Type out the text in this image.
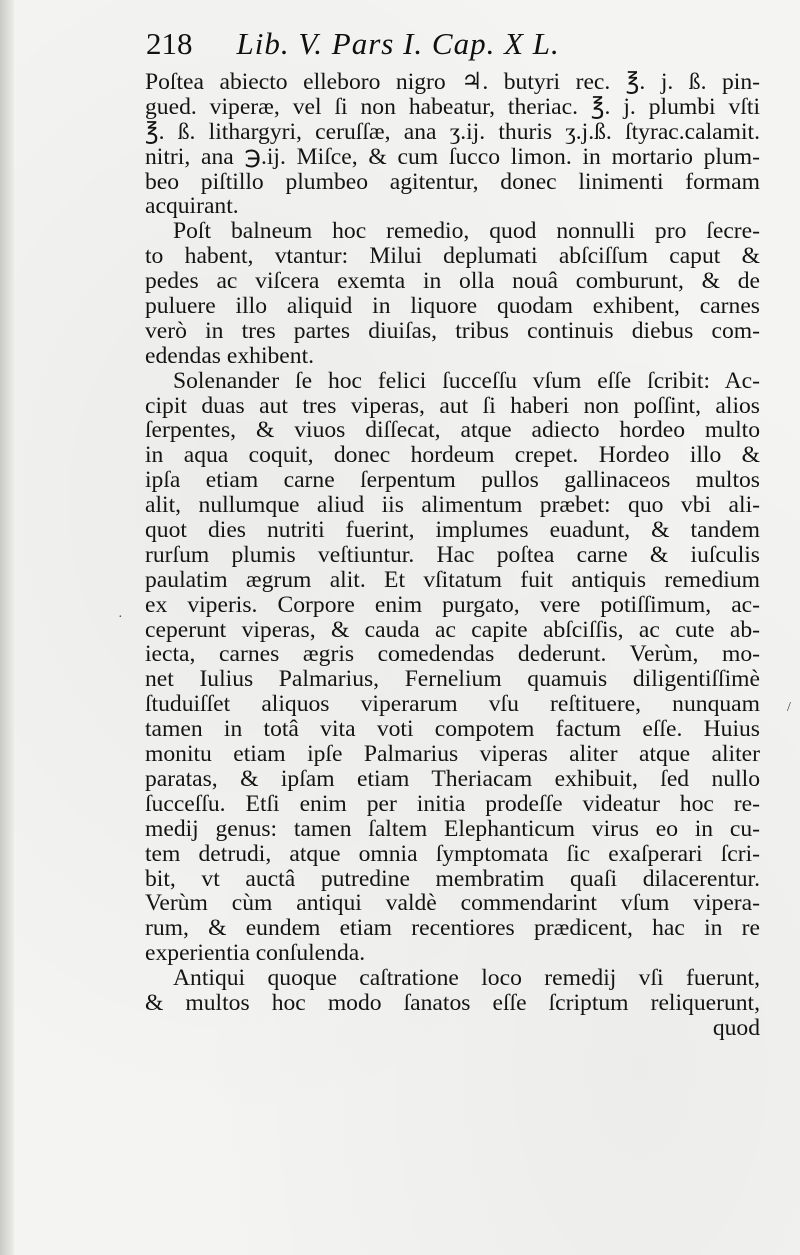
218 Lib. V. Pars I. Cap. X L.
Poſtea abiecto elleboro nigro ♃. butyri rec. ℥. j. ß. pin-
gued. viperæ, vel ſi non habeatur, theriac. ℥. j. plumbi vſti
℥. ß. lithargyri, ceruſſæ, ana ʒ.ij. thuris ʒ.j.ß. ſtyrac.calamit.
nitri, ana ℈.ij. Miſce, & cum ſucco limon. in mortario plum-
beo piſtillo plumbeo agitentur, donec linimenti formam
acquirant.
Poſt balneum hoc remedio, quod nonnulli pro ſecre-
to habent, vtantur: Milui deplumati abſciſſum caput &
pedes ac viſcera exemta in olla nouâ comburunt, & de
puluere illo aliquid in liquore quodam exhibent, carnes
verò in tres partes diuiſas, tribus continuis diebus com-
edendas exhibent.
Solenander ſe hoc felici ſucceſſu vſum eſſe ſcribit: Ac-
cipit duas aut tres viperas, aut ſi haberi non poſſint, alios
ſerpentes, & viuos diſſecat, atque adiecto hordeo multo
in aqua coquit, donec hordeum crepet. Hordeo illo &
ipſa etiam carne ſerpentum pullos gallinaceos multos
alit, nullumque aliud iis alimentum præbet: quo vbi ali-
quot dies nutriti fuerint, implumes euadunt, & tandem
rurſum plumis veſtiuntur. Hac poſtea carne & iuſculis
paulatim ægrum alit. Et vſitatum fuit antiquis remedium
ex viperis. Corpore enim purgato, vere potiſſimum, ac-
ceperunt viperas, & cauda ac capite abſciſſis, ac cute ab-
iecta, carnes ægris comedendas dederunt. Verùm, mo-
net Iulius Palmarius, Fernelium quamuis diligentiſſimè
ſtuduiſſet aliquos viperarum vſu reſtituere, nunquam
tamen in totâ vita voti compotem factum eſſe. Huius
monitu etiam ipſe Palmarius viperas aliter atque aliter
paratas, & ipſam etiam Theriacam exhibuit, ſed nullo
ſucceſſu. Etſi enim per initia prodeſſe videatur hoc re-
medij genus: tamen ſaltem Elephanticum virus eo in cu-
tem detrudi, atque omnia ſymptomata ſic exaſperari ſcri-
bit, vt auctâ putredine membratim quaſi dilacerentur.
Verùm cùm antiqui valdè commendarint vſum vipera-
rum, & eundem etiam recentiores prædicent, hac in re
experientia conſulenda.
Antiqui quoque caſtratione loco remedij vſi fuerunt,
& multos hoc modo ſanatos eſſe ſcriptum reliquerunt,
quod
·
/
